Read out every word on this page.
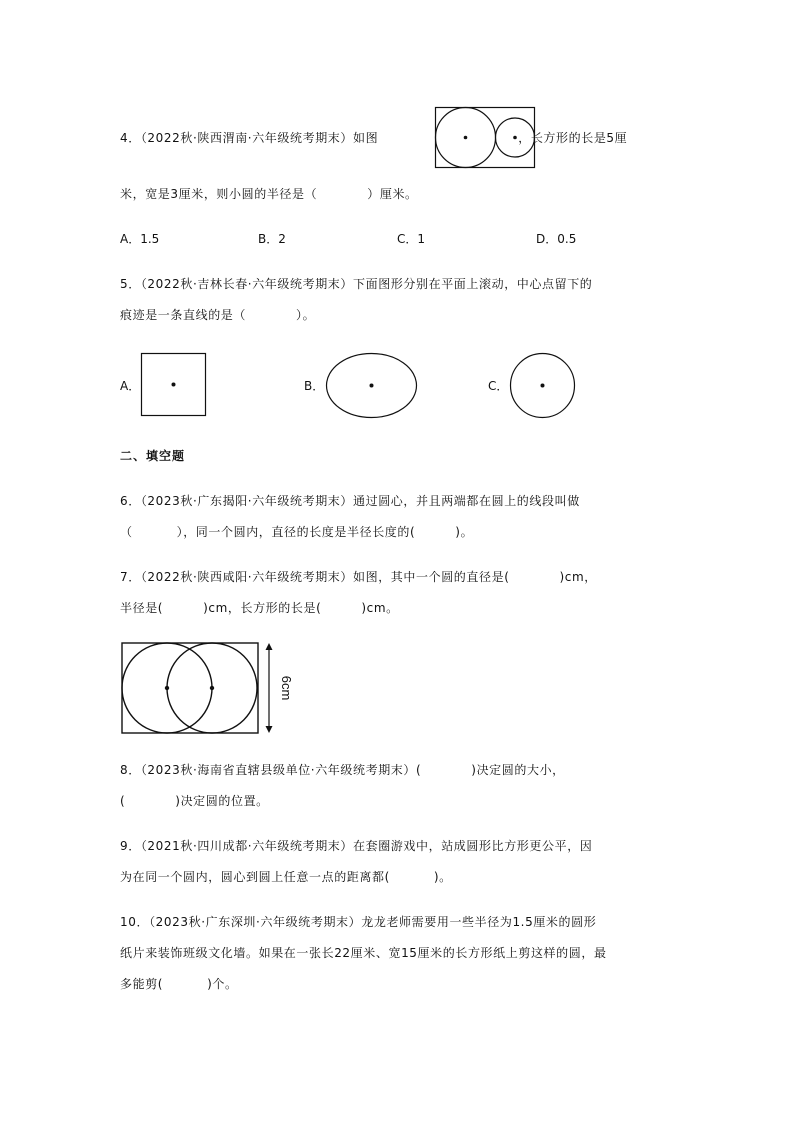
4．（2022秋·陕西渭南·六年级统考期末）如图	，长方形的长是5厘
米，宽是3厘米，则小圆的半径是（	）厘米。
A．1.5	B．2	C．1	D．0.5
5．（2022秋·吉林长春·六年级统考期末）下面图形分别在平面上滚动，中心点留下的
痕迹是一条直线的是（	）。
A．	B．	C．
二、填空题
6．（2023秋·广东揭阳·六年级统考期末）通过圆心，并且两端都在圆上的线段叫做
（	），同一个圆内，直径的长度是半径长度的(	)。
7．（2022秋·陕西咸阳·六年级统考期末）如图，其中一个圆的直径是(	)cm，
半径是(	)cm，长方形的长是(	)cm。
6cm
8．（2023秋·海南省直辖县级单位·六年级统考期末）(	)决定圆的大小，
(	)决定圆的位置。
9．（2021秋·四川成都·六年级统考期末）在套圈游戏中，站成圆形比方形更公平，因
为在同一个圆内，圆心到圆上任意一点的距离都(	)。
10．（2023秋·广东深圳·六年级统考期末）龙龙老师需要用一些半径为1.5厘米的圆形
纸片来装饰班级文化墙。如果在一张长22厘米、宽15厘米的长方形纸上剪这样的圆，最
多能剪(	)个。
